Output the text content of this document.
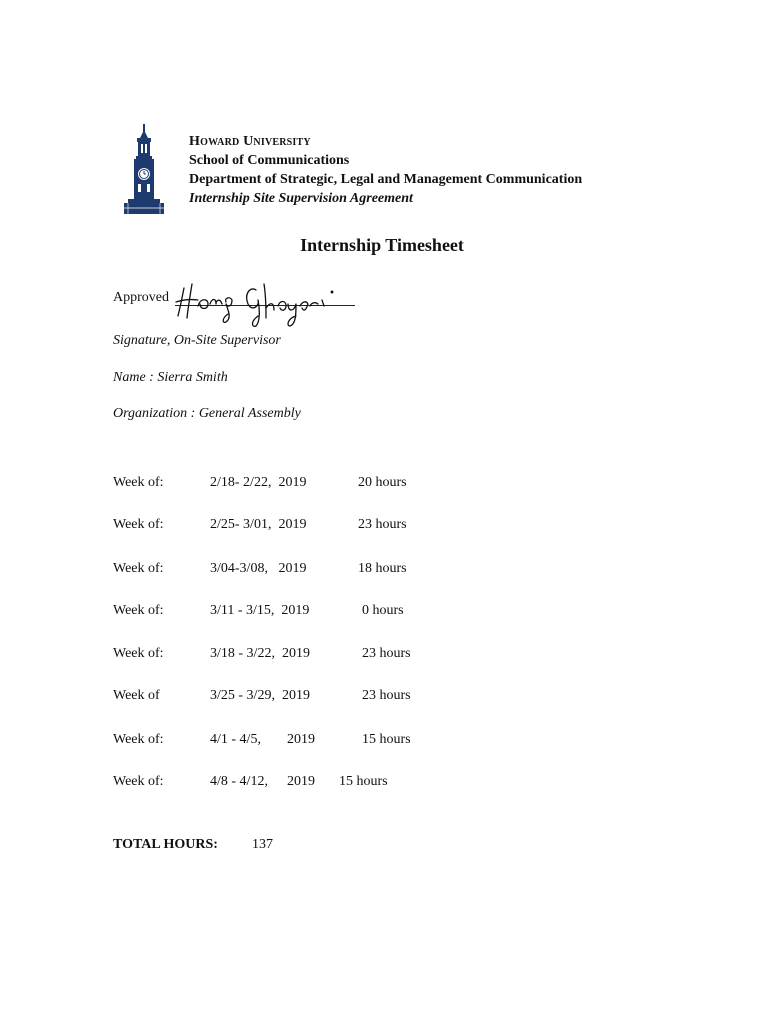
Howard University
School of Communications
Department of Strategic, Legal and Management Communication
Internship Site Supervision Agreement
Internship Timesheet
Approved
Signature, On-Site Supervisor
Name : Sierra Smith
Organization : General Assembly
Week of:	2/18- 2/22,  2019	20 hours
Week of:	2/25- 3/01,  2019	23 hours
Week of:	3/04-3/08,   2019	18 hours
Week of:	3/11 - 3/15,  2019	0 hours
Week of:	3/18 - 3/22,  2019	23 hours
Week of	3/25 - 3/29,  2019	23 hours
Week of:	4/1 - 4/5, 2019	15 hours
Week of:	4/8 - 4/12, 2019 15 hours
TOTAL HOURS: 137
